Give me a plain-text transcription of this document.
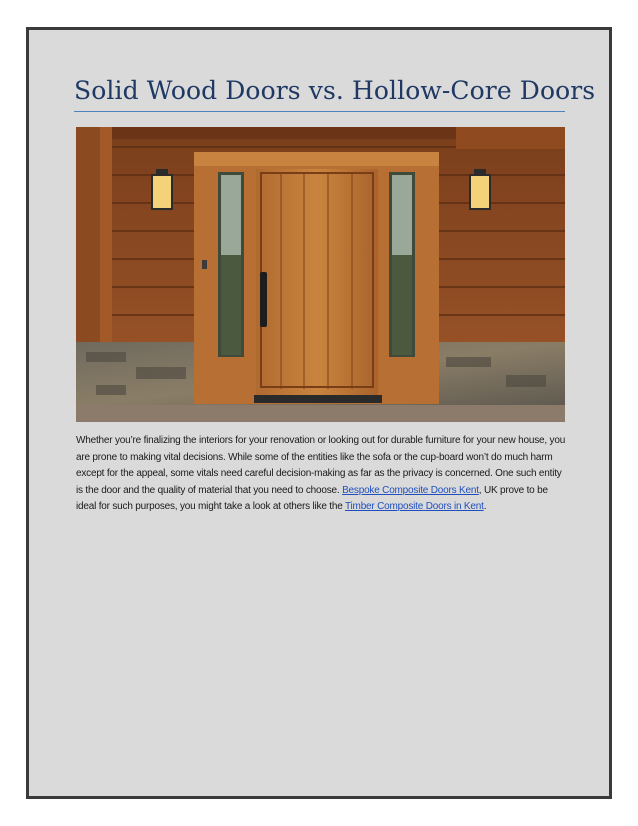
Solid Wood Doors vs. Hollow-Core Doors

Whether you’re finalizing the interiors for your renovation or looking out for durable furniture for your new house, you are prone to making vital decisions. While some of the entities like the sofa or the cup-board won’t do much harm except for the appeal, some vitals need careful decision-making as far as the privacy is concerned. One such entity is the door and the quality of material that you need to choose. Bespoke Composite Doors Kent, UK prove to be ideal for such purposes, you might take a look at others like the Timber Composite Doors in Kent.
